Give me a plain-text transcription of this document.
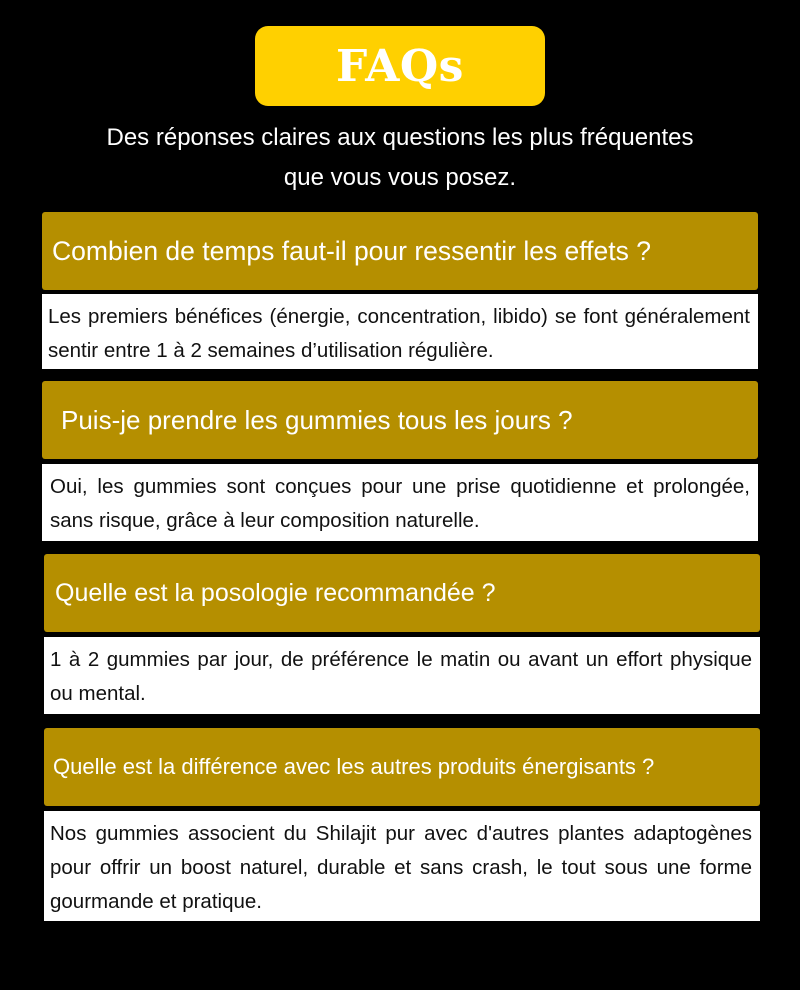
FAQs
Des réponses claires aux questions les plus fréquentes
que vous vous posez.
Combien de temps faut-il pour ressentir les effets ?
Les premiers bénéfices (énergie, concentration, libido) se font généralement sentir entre 1 à 2 semaines d’utilisation régulière.
Puis-je prendre les gummies tous les jours ?
Oui, les gummies sont conçues pour une prise quotidienne et prolongée, sans risque, grâce à leur composition naturelle.
Quelle est la posologie recommandée ?
1 à 2 gummies par jour, de préférence le matin ou avant un effort physique ou mental.
Quelle est la différence avec les autres produits énergisants ?
Nos gummies associent du Shilajit pur avec d'autres plantes adaptogènes pour offrir un boost naturel, durable et sans crash, le tout sous une forme gourmande et pratique.
